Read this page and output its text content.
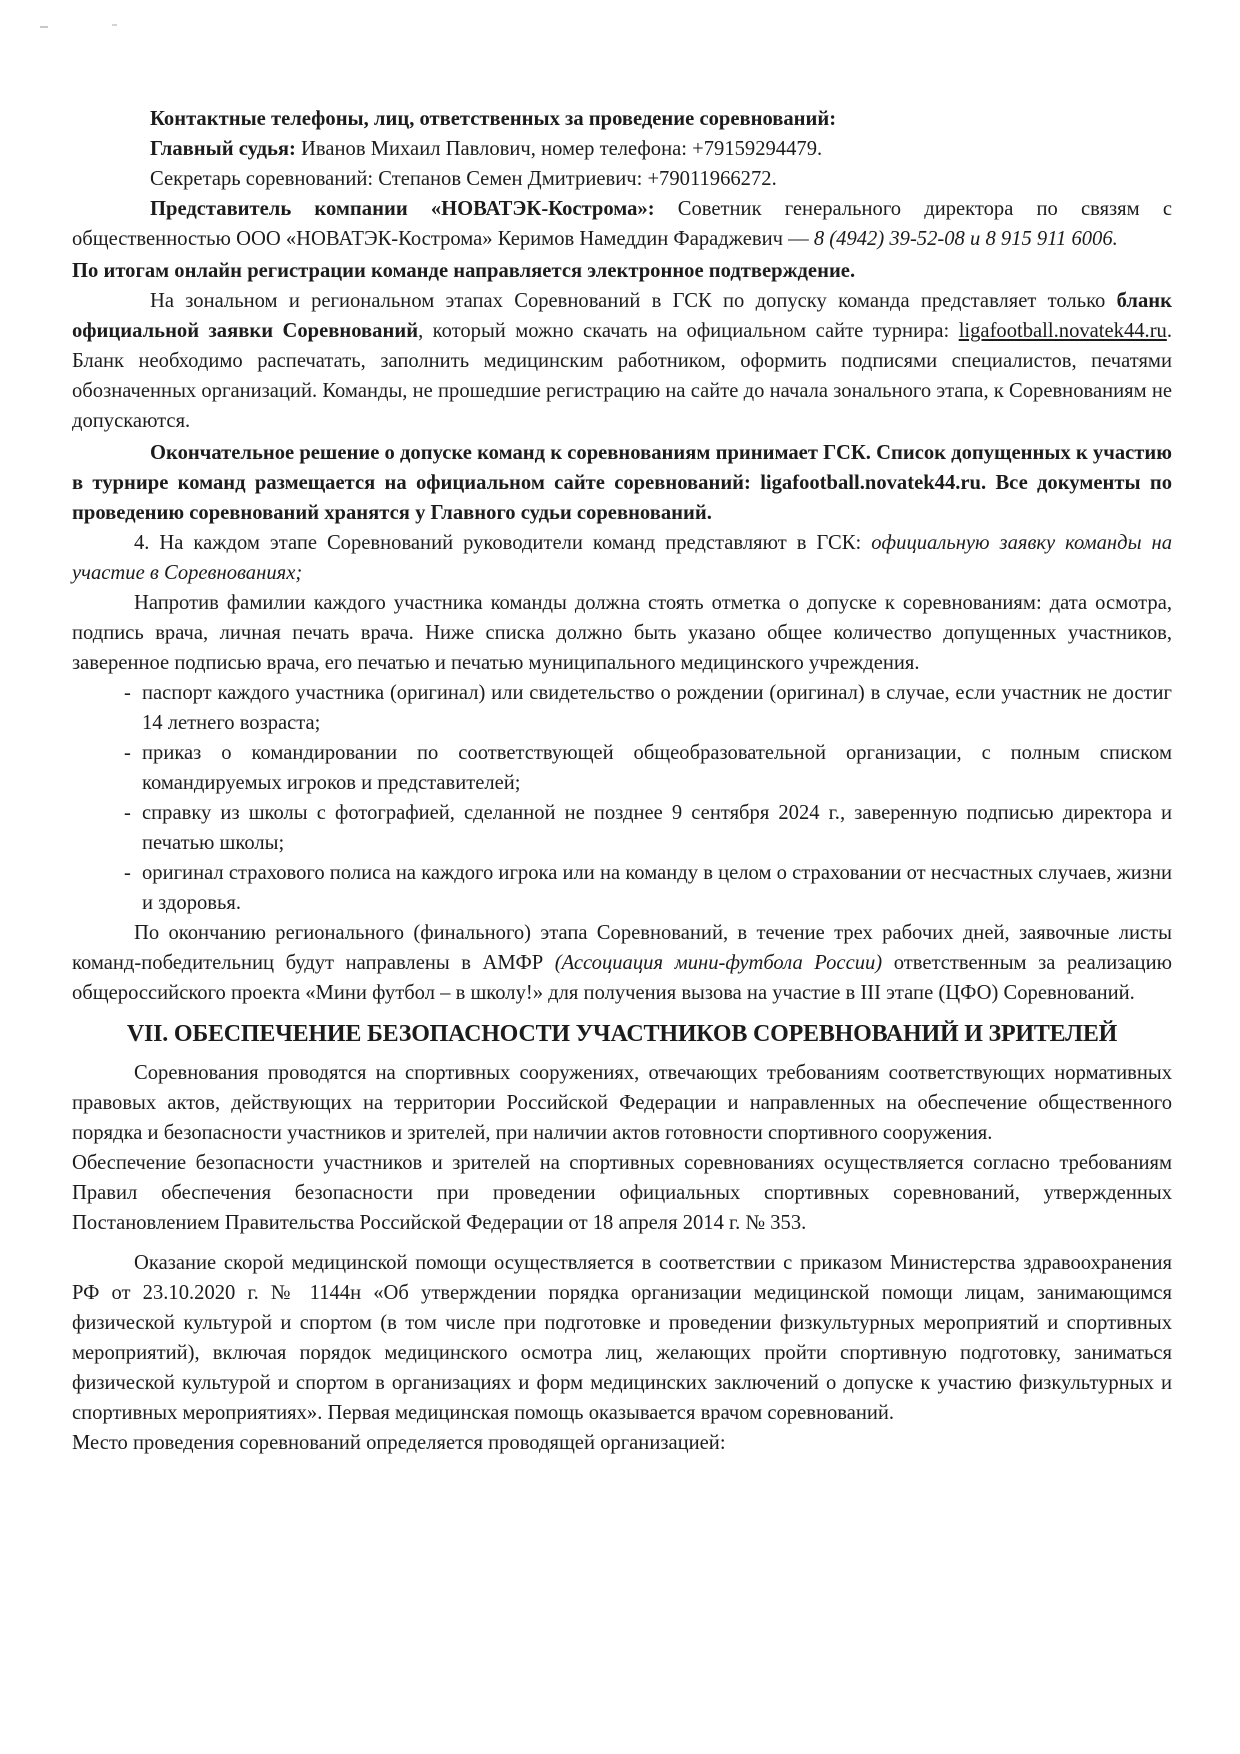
Контактные телефоны, лиц, ответственных за проведение соревнований:

Главный судья: Иванов Михаил Павлович, номер телефона: +79159294479.

Секретарь соревнований: Степанов Семен Дмитриевич: +79011966272.

Представитель компании «НОВАТЭК-Кострома»: Советник генерального директора по связям с общественностью ООО «НОВАТЭК-Кострома» Керимов Намеддин Фараджевич — 8 (4942) 39-52-08 и 8 915 911 6006.

По итогам онлайн регистрации команде направляется электронное подтверждение.

На зональном и региональном этапах Соревнований в ГСК по допуску команда представляет только бланк официальной заявки Соревнований, который можно скачать на официальном сайте турнира: ligafootball.novatek44.ru. Бланк необходимо распечатать, заполнить медицинским работником, оформить подписями специалистов, печатями обозначенных организаций. Команды, не прошедшие регистрацию на сайте до начала зонального этапа, к Соревнованиям не допускаются.

Окончательное решение о допуске команд к соревнованиям принимает ГСК. Список допущенных к участию в турнире команд размещается на официальном сайте соревнований: ligafootball.novatek44.ru. Все документы по проведению соревнований хранятся у Главного судьи соревнований.

4. На каждом этапе Соревнований руководители команд представляют в ГСК: официальную заявку команды на участие в Соревнованиях;

Напротив фамилии каждого участника команды должна стоять отметка о допуске к соревнованиям: дата осмотра, подпись врача, личная печать врача. Ниже списка должно быть указано общее количество допущенных участников, заверенное подписью врача, его печатью и печатью муниципального медицинского учреждения.

- паспорт каждого участника (оригинал) или свидетельство о рождении (оригинал) в случае, если участник не достиг 14 летнего возраста;
- приказ о командировании по соответствующей общеобразовательной организации, с полным списком командируемых игроков и представителей;
- справку из школы с фотографией, сделанной не позднее 9 сентября 2024 г., заверенную подписью директора и печатью школы;
- оригинал страхового полиса на каждого игрока или на команду в целом о страховании от несчастных случаев, жизни и здоровья.

По окончанию регионального (финального) этапа Соревнований, в течение трех рабочих дней, заявочные листы команд-победительниц будут направлены в АМФР (Ассоциация мини-футбола России) ответственным за реализацию общероссийского проекта «Мини футбол – в школу!» для получения вызова на участие в III этапе (ЦФО) Соревнований.

VII. ОБЕСПЕЧЕНИЕ БЕЗОПАСНОСТИ УЧАСТНИКОВ СОРЕВНОВАНИЙ И ЗРИТЕЛЕЙ

Соревнования проводятся на спортивных сооружениях, отвечающих требованиям соответствующих нормативных правовых актов, действующих на территории Российской Федерации и направленных на обеспечение общественного порядка и безопасности участников и зрителей, при наличии актов готовности спортивного сооружения.

Обеспечение безопасности участников и зрителей на спортивных соревнованиях осуществляется согласно требованиям Правил обеспечения безопасности при проведении официальных спортивных соревнований, утвержденных Постановлением Правительства Российской Федерации от 18 апреля 2014 г. № 353.

Оказание скорой медицинской помощи осуществляется в соответствии с приказом Министерства здравоохранения РФ от 23.10.2020 г. № 1144н «Об утверждении порядка организации медицинской помощи лицам, занимающимся физической культурой и спортом (в том числе при подготовке и проведении физкультурных мероприятий и спортивных мероприятий), включая порядок медицинского осмотра лиц, желающих пройти спортивную подготовку, заниматься физической культурой и спортом в организациях и форм медицинских заключений о допуске к участию физкультурных и спортивных мероприятиях». Первая медицинская помощь оказывается врачом соревнований.

Место проведения соревнований определяется проводящей организацией:
